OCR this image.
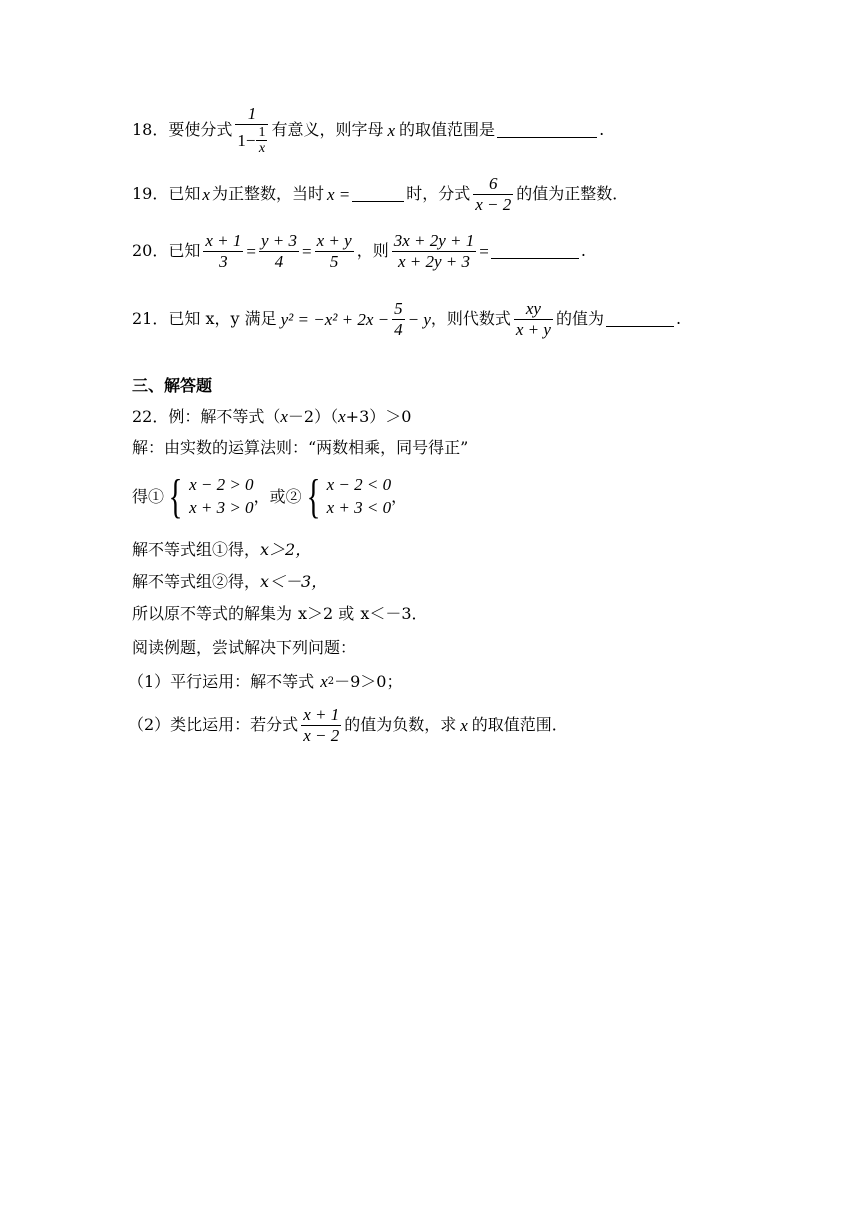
18． 要使分式 $\frac{1}{1- \frac{1}{x}}$ 有意义，则字母 x 的取值范围是	.
19． 已知 x 为正整数，当时 x =	时，分式 $\frac{6}{x - 2}$ 的值为正整数．
20． 已知 $\frac{x + 1}{3} = \frac{y + 3}{4} = \frac{x + y}{5}$ ，则 $\frac{3x + 2y + 1}{x + 2y + 3}$ =	.
21． 已知 x，y 满足 $y^2 = -x^2 + 2x - \frac{5}{4} - y$ ，则代数式 $\frac{xy}{x + y}$ 的值为	.
三、解答题
22．例：解不等式（ x －2）（ x +3）＞0
解：由实数的运算法则：“两数相乘，同号得正”
得① { x − 2 > 0
x + 3 > 0
，或② { x − 2 < 0
x + 3 < 0
，
解不等式组①得， x＞2，
解不等式组②得， x＜－3，
所以原不等式的解集为 x＞2 或 x＜－3．
阅读例题，尝试解决下列问题：
（1）平行运用：解不等式 x 2 －9＞0；
（2）类比运用：若分式 $\frac{x + 1}{x - 2}$ 的值为负数，求 x 的取值范围．
